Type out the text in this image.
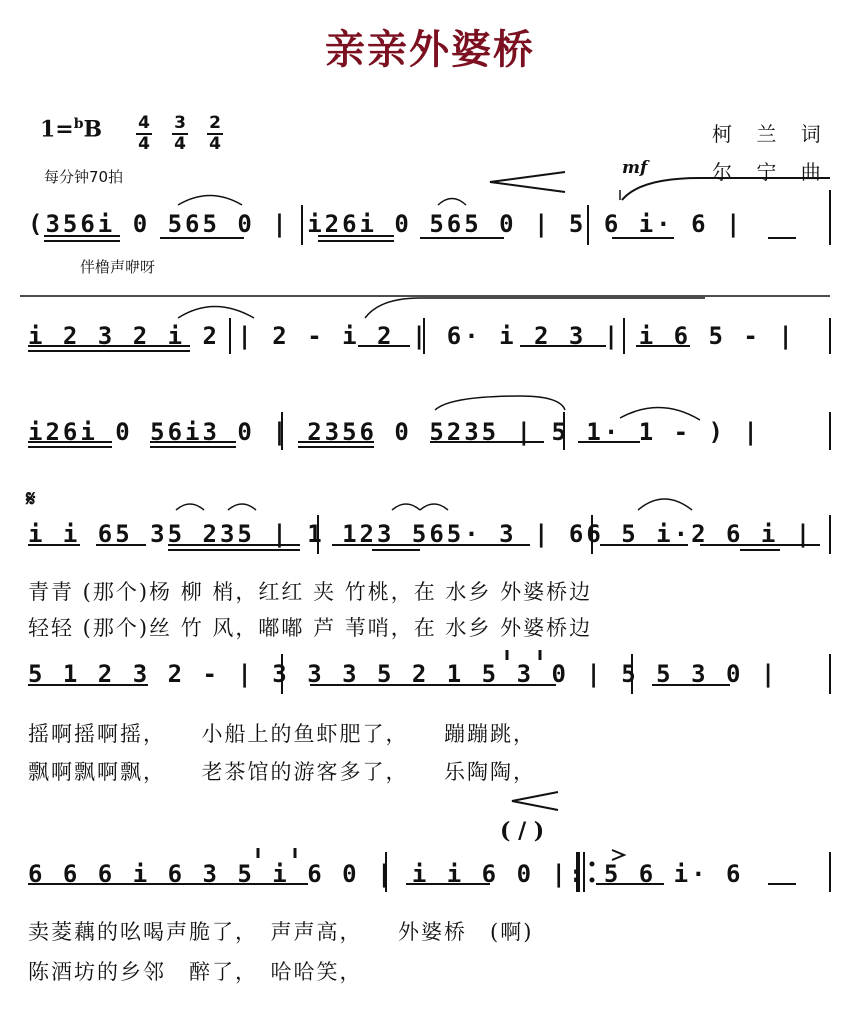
亲亲外婆桥
1=$^b$B 4
4
3
4
2
4
每分钟70拍
柯 兰 词
尔 宁 曲
mf
(356i 0 565 0 | i26i 0 565 0 | 5 6 i· 6 |
伴橹声咿呀
i 2 3 2 i 2 | 2 - i 2 | 6· i 2 3 | i 6 5 - |
i26i 0 56i3 0 | 2356 0 5235 | 5 1· 1 - ) |
𝄋
i i 65 35 235 | 1 123 565· 3 | 66 5 i·2 6 i |
青青 (那个)杨 柳 梢，红红 夹 竹桃，在 水乡 外婆桥边
轻轻 (那个)丝 竹 风，嘟嘟 芦 苇哨，在 水乡 外婆桥边
5 1 2 3 2 - | 3 3 3 5 2 1 5 3 0 | 5 5 3 0 |
摇啊摇啊摇，　　小船上的鱼虾肥了，　　蹦蹦跳，
飘啊飘啊飘，　　老茶馆的游客多了，　　乐陶陶，
( / )
6 6 6 i 6 3 5 i 6 0 | i i 6 0 |: 5 6 i· 6
卖菱藕的吆喝声脆了，　声声高，　　外婆桥　(啊)
陈酒坊的乡邻　醉了，　哈哈笑，
